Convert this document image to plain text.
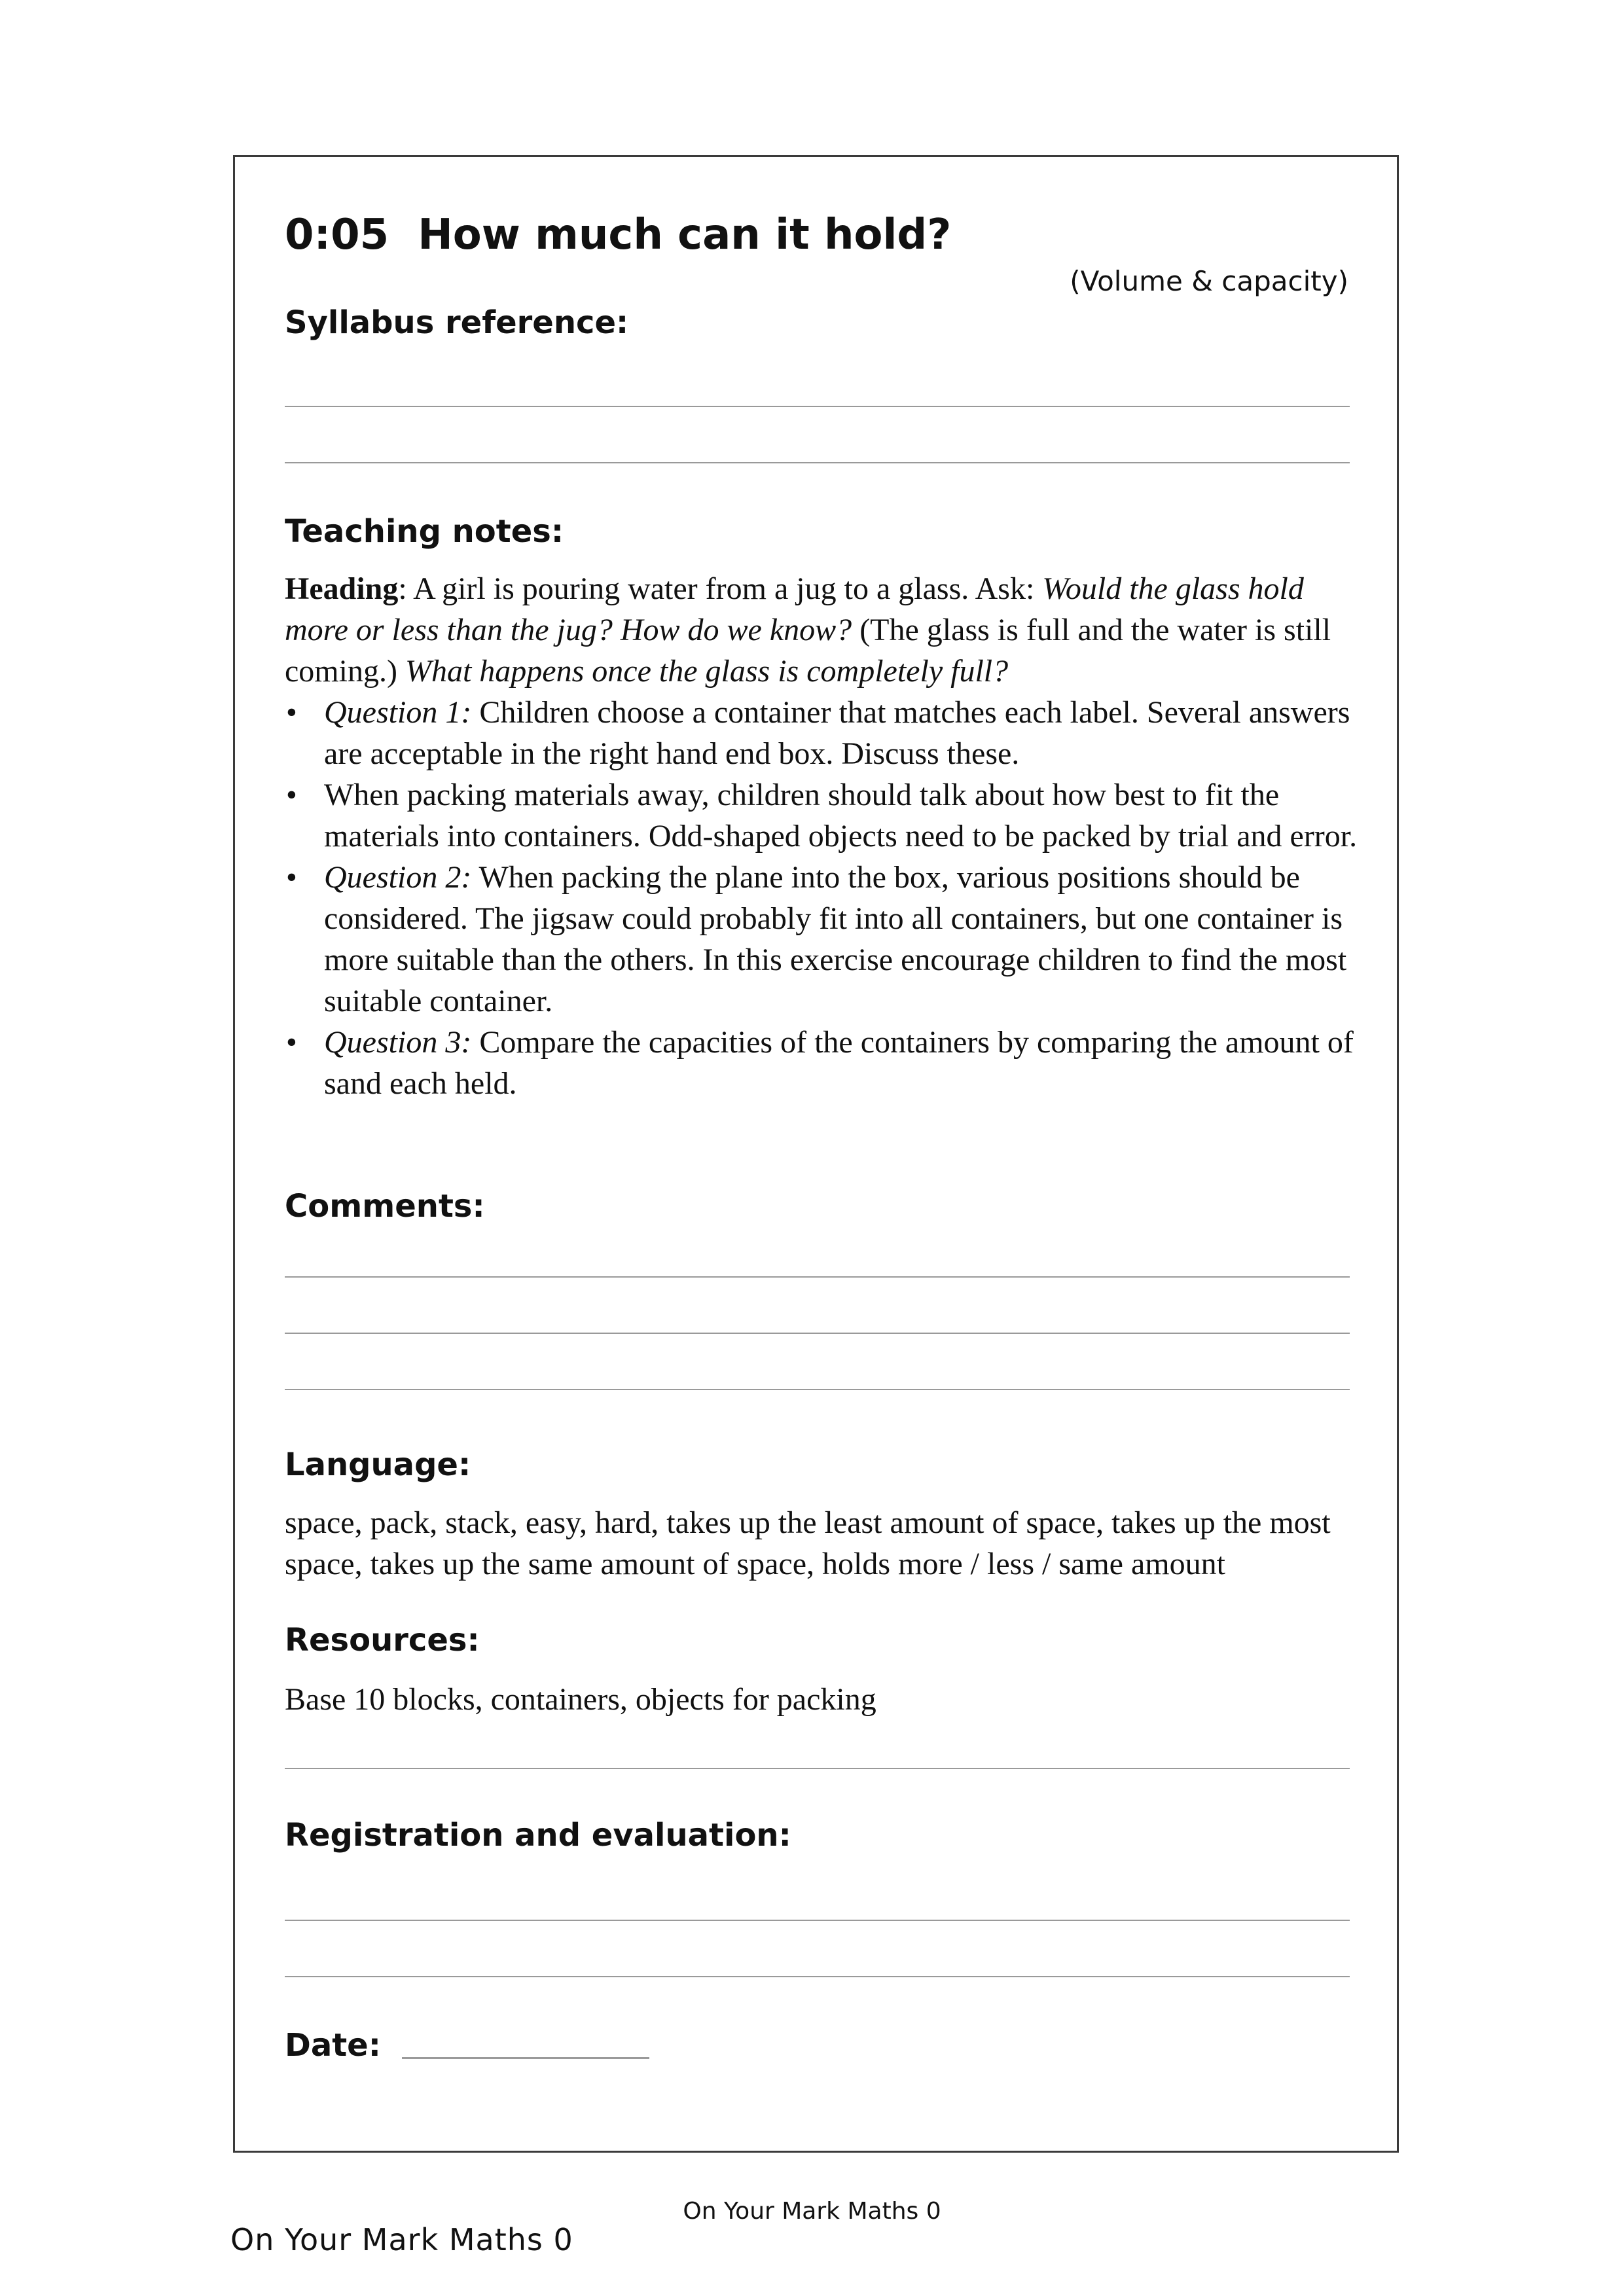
0:05 How much can it hold?
(Volume & capacity)
Syllabus reference:
Teaching notes:

Heading: A girl is pouring water from a jug to a glass. Ask: Would the glass hold more or less than the jug? How do we know? (The glass is full and the water is still coming.) What happens once the glass is completely full?

• Question 1: Children choose a container that matches each label. Several answers are acceptable in the right hand end box. Discuss these.
• When packing materials away, children should talk about how best to fit the materials into containers. Odd-shaped objects need to be packed by trial and error.
• Question 2: When packing the plane into the box, various positions should be considered. The jigsaw could probably fit into all containers, but one container is more suitable than the others. In this exercise encourage children to find the most suitable container.
• Question 3: Compare the capacities of the containers by comparing the amount of sand each held.
Comments:
Language:
space, pack, stack, easy, hard, takes up the least amount of space, takes up the most space, takes up the same amount of space, holds more / less / same amount
Resources:
Base 10 blocks, containers, objects for packing
Registration and evaluation:
Date:
On Your Mark Maths 0
On Your Mark Maths 0
